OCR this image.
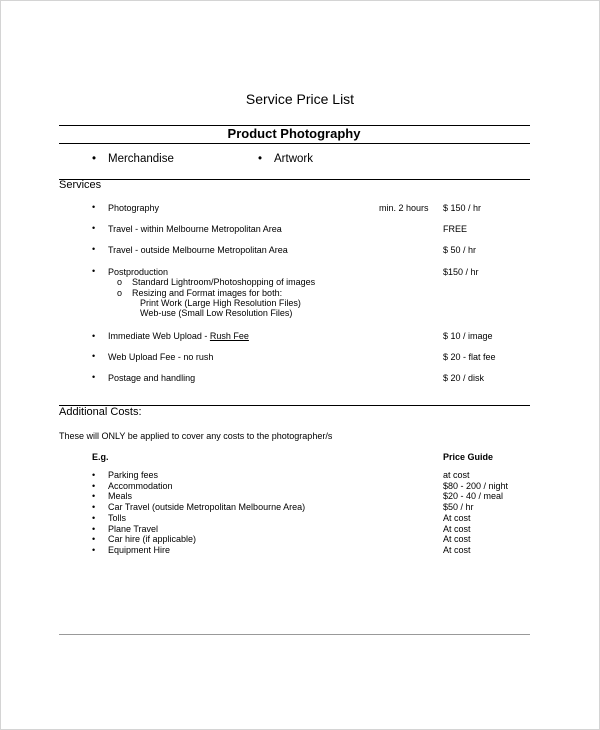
Service Price List
Product Photography
• Merchandise	• Artwork
Services
• Photography	min. 2 hours $ 150 / hr
• Travel - within Melbourne Metropolitan Area	FREE
• Travel - outside Melbourne Metropolitan Area	$ 50 / hr
• Postproduction	$150 / hr
o Standard Lightroom/Photoshopping of images
o Resizing and Format images for both:
Print Work (Large High Resolution Files)
Web-use (Small Low Resolution Files)
• Immediate Web Upload - Rush Fee	$ 10 / image
• Web Upload Fee - no rush	$ 20 - flat fee
• Postage and handling	$ 20 / disk
Additional Costs:
These will ONLY be applied to cover any costs to the photographer/s
E.g.	Price Guide
• Parking fees	at cost
• Accommodation	$80 - 200 / night
• Meals	$20 - 40 / meal
• Car Travel (outside Metropolitan Melbourne Area)	$50 / hr
• Tolls	At cost
• Plane Travel	At cost
• Car hire (if applicable)	At cost
• Equipment Hire	At cost
